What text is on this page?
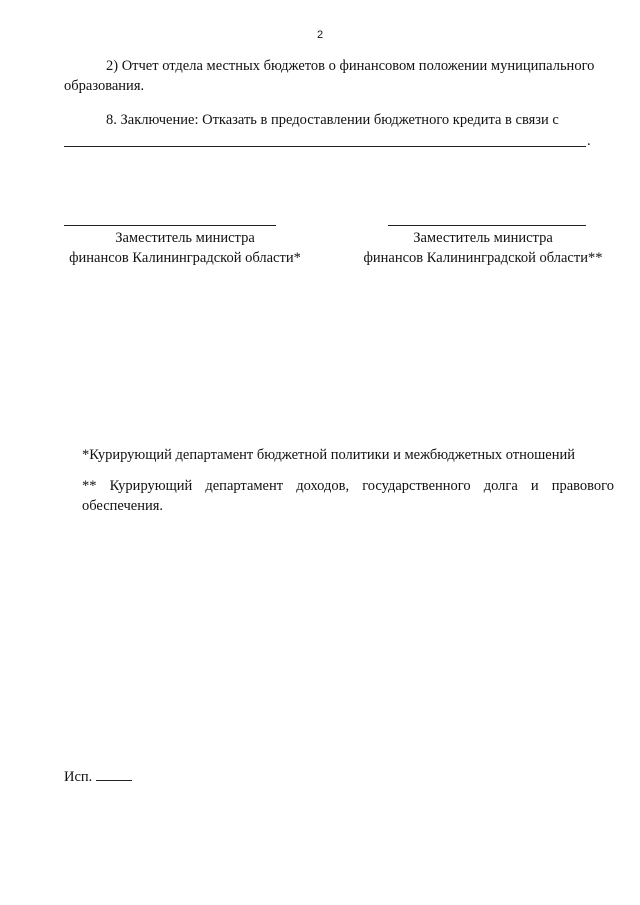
2

2) Отчет отдела местных бюджетов о финансовом положении муниципального образования.

8. Заключение: Отказать в предоставлении бюджетного кредита в связи с

.
Заместитель министра
финансов Калининградской области*
Заместитель министра
финансов Калининградской области**

*Курирующий департамент бюджетной политики и межбюджетных отношений

** Курирующий департамент доходов, государственного долга и правового обеспечения.

Исп.
